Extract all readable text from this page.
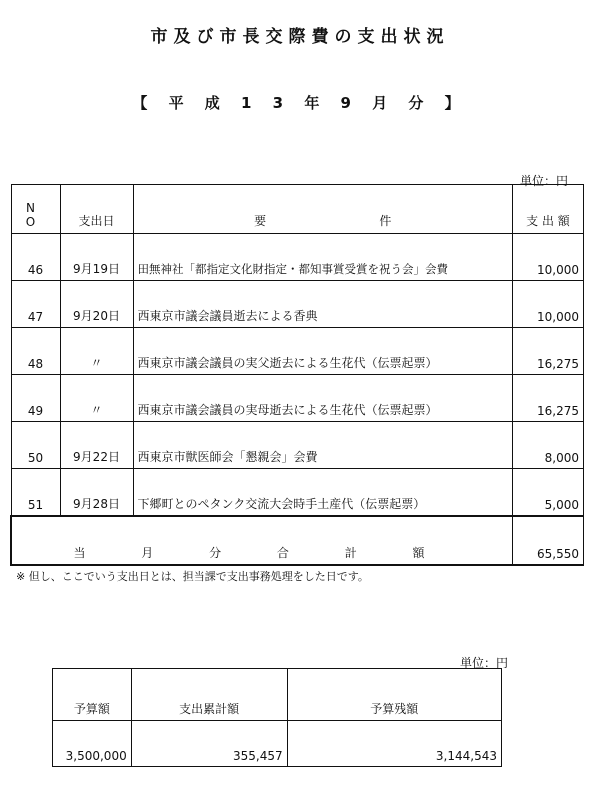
市及び市長交際費の支出状況
【 平 成 1 3 年 9 月 分 】
単位：円
N O	支出日	要 件	支 出 額
46	9月19日	田無神社「都指定文化財指定・都知事賞受賞を祝う会」会費	10,000
47	9月20日	西東京市議会議員逝去による香典	10,000
48	〃	西東京市議会議員の実父逝去による生花代（伝票起票）	16,275
49	〃	西東京市議会議員の実母逝去による生花代（伝票起票）	16,275
50	9月22日	西東京市獣医師会「懇親会」会費	8,000
51	9月28日	下郷町とのペタンク交流大会時手土産代（伝票起票）	5,000
当 月 分 合 計 額			65,550
※ 但し、ここでいう支出日とは、担当課で支出事務処理をした日です。
単位：円
予算額	支出累計額	予算残額
3,500,000	355,457	3,144,543
